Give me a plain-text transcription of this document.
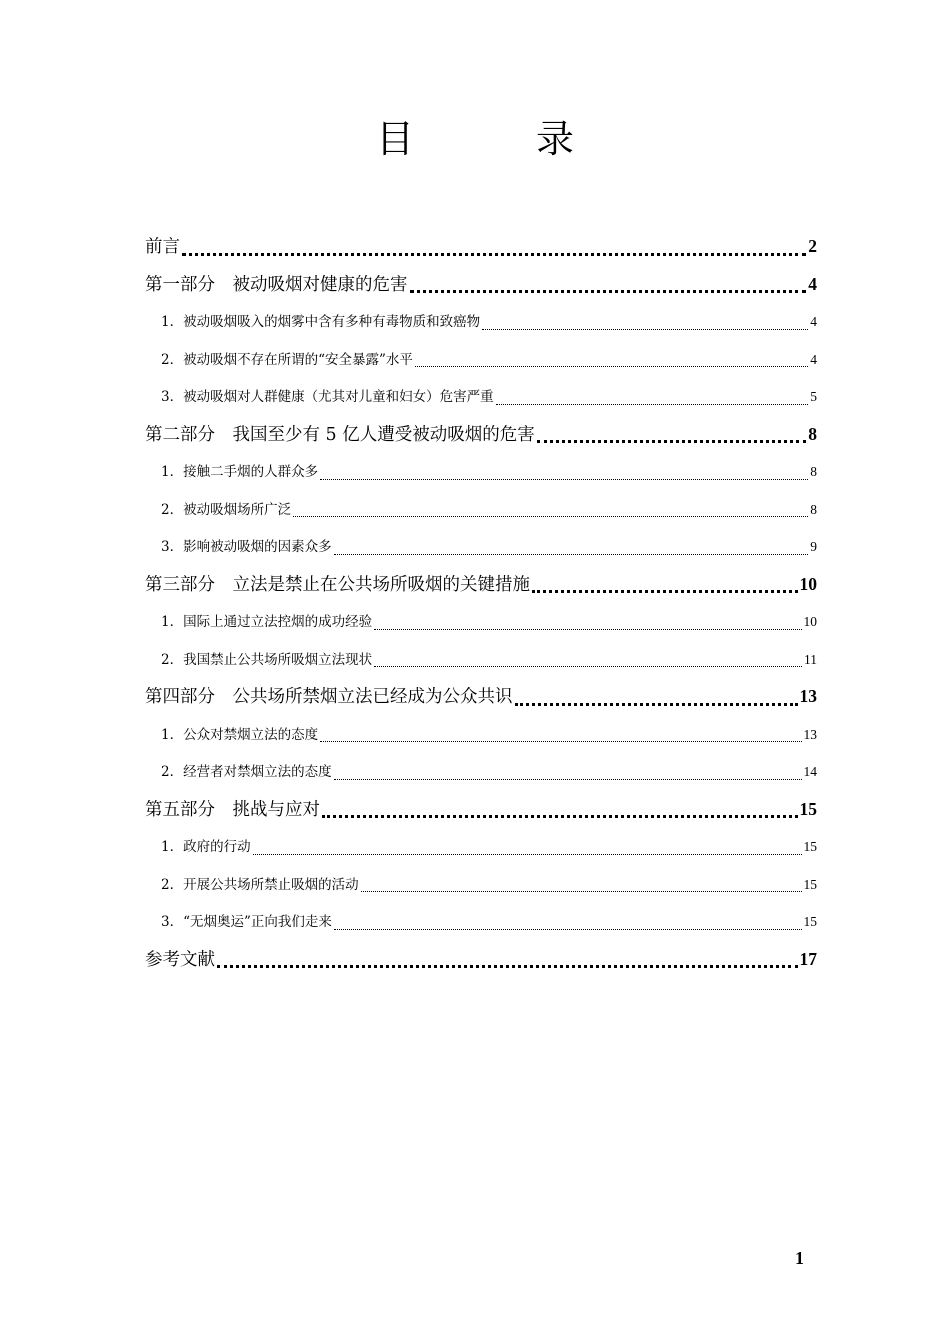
目　录
前言	2
第一部分　被动吸烟对健康的危害	4
1．被动吸烟吸入的烟雾中含有多种有毒物质和致癌物	4
2．被动吸烟不存在所谓的“安全暴露”水平	4
3．被动吸烟对人群健康（尤其对儿童和妇女）危害严重	5
第二部分　我国至少有 5 亿人遭受被动吸烟的危害	8
1．接触二手烟的人群众多	8
2．被动吸烟场所广泛	8
3．影响被动吸烟的因素众多	9
第三部分　立法是禁止在公共场所吸烟的关键措施	10
1．国际上通过立法控烟的成功经验	10
2．我国禁止公共场所吸烟立法现状	11
第四部分　公共场所禁烟立法已经成为公众共识	13
1．公众对禁烟立法的态度	13
2．经营者对禁烟立法的态度	14
第五部分　挑战与应对	15
1．政府的行动	15
2．开展公共场所禁止吸烟的活动	15
3．“无烟奥运”正向我们走来	15
参考文献	17
1
